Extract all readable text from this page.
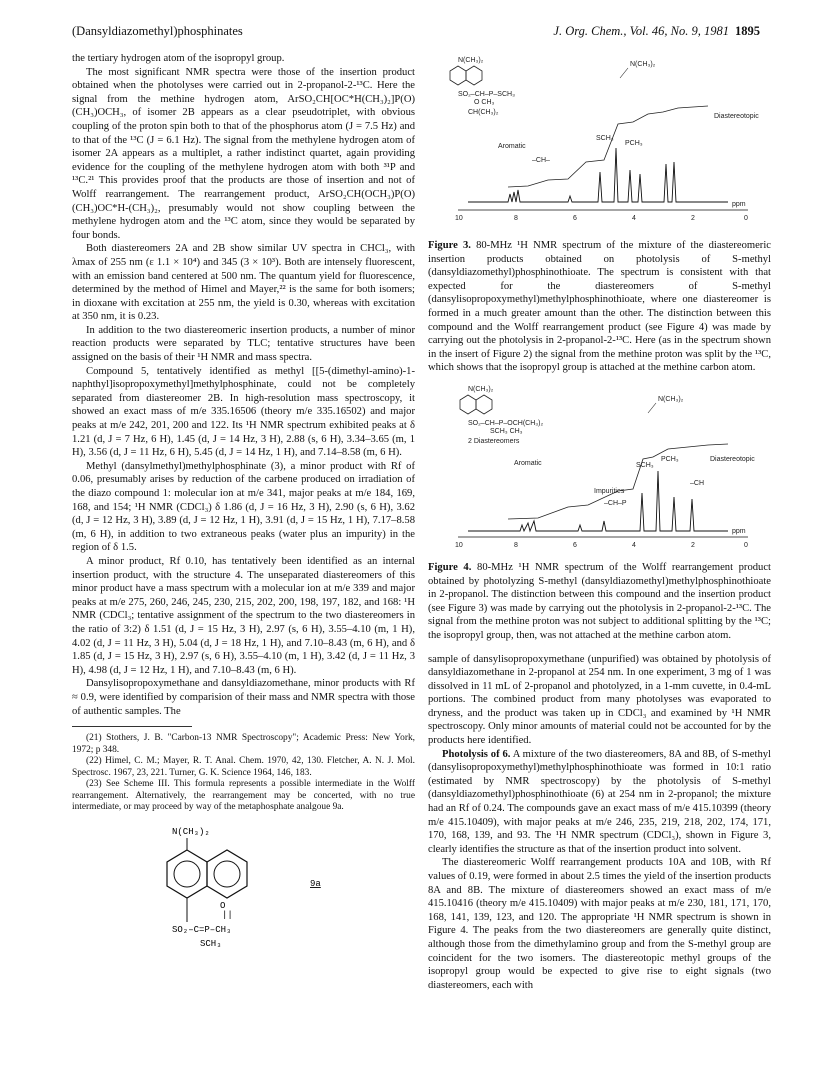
(Dansyldiazomethyl)phosphinates	J. Org. Chem., Vol. 46, No. 9, 1981 1895

the tertiary hydrogen atom of the isopropyl group.

The most significant NMR spectra were those of the insertion product obtained when the photolyses were carried out in 2-propanol-2-¹³C. Here the signal from the methine hydrogen atom, ArSO₂CH[OC*H(CH₃)₂]P(O)(CH₃)OCH₃, of isomer 2B appears as a clear pseudotriplet, with obvious coupling of the proton spin both to that of the phosphorus atom (J = 7.5 Hz) and to that of the ¹³C (J = 6.1 Hz). The signal from the methylene hydrogen atom of isomer 2A appears as a multiplet, a rather indistinct quartet, again providing evidence for the coupling of the methylene hydrogen atom with both ³¹P and ¹³C.²¹ This provides proof that the products are those of insertion and not of Wolff rearrangement. The rearrangement product, ArSO₂CH(OCH₃)P(O)(CH₃)OC*H-(CH₃)₂, presumably would not show coupling between the methylene hydrogen atom and the ¹³C atom, since they would be separated by four bonds.

Both diastereomers 2A and 2B show similar UV spectra in CHCl₃, with λmax of 255 nm (ε 1.1 × 10⁴) and 345 (3 × 10³). Both are intensely fluorescent, with an emission band centered at 500 nm. The quantum yield for fluorescence, determined by the method of Himel and Mayer,²² is the same for both isomers; in dioxane with excitation at 255 nm, the yield is 0.30, whereas with excitation at 350 nm, it is 0.23.

In addition to the two diastereomeric insertion products, a number of minor reaction products were separated by TLC; tentative structures have been assigned on the basis of their ¹H NMR and mass spectra.

Compound 5, tentatively identified as methyl [[5-(dimethyl-amino)-1-naphthyl]isopropoxymethyl]methylphosphinate, could not be completely separated from diastereomer 2B. In high-resolution mass spectroscopy, it showed an exact mass of m/e 335.16506 (theory m/e 335.16502) and major peaks at m/e 242, 201, 200 and 122. Its ¹H NMR spectrum exhibited peaks at δ 1.21 (d, J = 7 Hz, 6 H), 1.45 (d, J = 14 Hz, 3 H), 2.88 (s, 6 H), 3.34–3.65 (m, 1 H), 3.56 (d, J = 11 Hz, 6 H), 5.45 (d, J = 14 Hz, 1 H), and 7.14–8.58 (m, 6 H).

Methyl (dansylmethyl)methylphosphinate (3), a minor product with Rf of 0.06, presumably arises by reduction of the carbene produced on irradiation of the diazo compound 1: molecular ion at m/e 341, major peaks at m/e 184, 169, 168, and 154; ¹H NMR (CDCl₃) δ 1.86 (d, J = 16 Hz, 3 H), 2.90 (s, 6 H), 3.62 (d, J = 12 Hz, 3 H), 3.89 (d, J = 12 Hz, 1 H), 3.91 (d, J = 15 Hz, 1 H), 7.17–8.58 (m, 6 H), in addition to two extraneous peaks (water plus an impurity) in the region of δ 1.5.

A minor product, Rf 0.10, has tentatively been identified as an internal insertion product, with the structure 4. The unseparated diastereomers of this minor product have a mass spectrum with a molecular ion at m/e 339 and major peaks at m/e 275, 260, 246, 245, 230, 215, 202, 200, 198, 197, 182, and 168: ¹H NMR (CDCl₃; tentative assignment of the spectrum to the two diastereomers in the ratio of 3:2) δ 1.51 (d, J = 15 Hz, 3 H), 2.97 (s, 6 H), 3.55–4.10 (m, 1 H), 4.02 (d, J = 11 Hz, 3 H), 5.04 (d, J = 18 Hz, 1 H), and 7.10–8.43 (m, 6 H), and δ 1.85 (d, J = 15 Hz, 3 H), 2.97 (s, 6 H), 3.55–4.10 (m, 1 H), 3.42 (d, J = 11 Hz, 3 H), 4.98 (d, J = 12 Hz, 1 H), and 7.10–8.43 (m, 6 H).

Dansylisopropoxymethane and dansyldiazomethane, minor products with Rf ≈ 0.9, were identified by comparision of their mass and NMR spectra with those of authentic samples. The

(21) Stothers, J. B. "Carbon-13 NMR Spectroscopy"; Academic Press: New York, 1972; p 348.

(22) Himel, C. M.; Mayer, R. T. Anal. Chem. 1970, 42, 130. Fletcher, A. N. J. Mol. Spectrosc. 1967, 23, 221. Turner, G. K. Science 1964, 146, 183.

(23) See Scheme III. This formula represents a possible intermediate in the Wolff rearrangement. Alternatively, the rearrangement may be concerted, with no true intermediate, or may proceed by way of the metaphosphate analgoue 9a.

N(CH₃)₂
O
||
SO₂–C=P–CH₃
SCH₃
9a
N(CH₃)₂
SO₂–CH–P–SCH₃
O CH₃
CH(CH₃)₂
N(CH₃)₂
Aromatic
–CH–
SCH₃
PCH₃
Diastereotopic
10	8	6	4	2	0
ppm
Figure 3. 80-MHz ¹H NMR spectrum of the mixture of the diastereomeric insertion products obtained on photolysis of S-methyl (dansyldiazomethyl)phosphinothioate. The spectrum is consistent with that expected for the diastereomers of S-methyl (dansylisopropoxymethyl)methylphosphinothioate, where one diastereomer is formed in a much greater amount than the other. The distinction between this compound and the Wolff rearrangement product (see Figure 4) was made by carrying out the photolysis in 2-propanol-2-¹³C. Here (as in the spectrum shown in the insert of Figure 2) the signal from the methine proton was split by the ¹³C, which shows that the isopropyl group is attached at the methine carbon atom.
N(CH₃)₂
SO₂–CH–P–OCH(CH₃)₂
SCH₃ CH₃
2 Diastereomers
N(CH₃)₂
Aromatic
Impurities
–CH–P
SCH₃
PCH₃	Diastereotopic
–CH
10	8	6	4	2	0
ppm
Figure 4. 80-MHz ¹H NMR spectrum of the Wolff rearrangement product obtained by photolyzing S-methyl (dansyldiazomethyl)methylphosphinothioate in 2-propanol. The distinction between this compound and the insertion product (see Figure 3) was made by carrying out the photolysis in 2-propanol-2-¹³C. The signal from the methine proton was not subject to additional splitting by the ¹³C; the isopropyl group, then, was not attached at the methine carbon atom.

sample of dansylisopropoxymethane (unpurified) was obtained by photolysis of dansyldiazomethane in 2-propanol at 254 nm. In one experiment, 3 mg of 1 was dissolved in 11 mL of 2-propanol and photolyzed, in a 1-mm cuvette, in 0.4-mL portions. The combined product from many photolyses was evaporated to dryness, and the product was taken up in CDCl₃ and examined by ¹H NMR spectroscopy. Only minor amounts of material could not be accounted for by the products here identified.

Photolysis of 6. A mixture of the two diastereomers, 8A and 8B, of S-methyl (dansylisopropoxymethyl)methylphosphinothioate was formed in 10:1 ratio (estimated by NMR spectroscopy) by the photolysis of S-methyl (dansyldiazomethyl)phosphinothioate (6) at 254 nm in 2-propanol; the mixture had an Rf of 0.24. The compounds gave an exact mass of m/e 415.10399 (theory m/e 415.10409), with major peaks at m/e 246, 235, 219, 218, 202, 174, 171, 170, 168, 139, and 93. The ¹H NMR spectrum (CDCl₃), shown in Figure 3, clearly identifies the structure as that of the insertion product into solvent.

The diastereomeric Wolff rearrangement products 10A and 10B, with Rf values of 0.19, were formed in about 2.5 times the yield of the insertion products 8A and 8B. The mixture of diastereomers showed an exact mass of m/e 415.10416 (theory m/e 415.10409) with major peaks at m/e 230, 181, 171, 170, 168, 141, 139, 123, and 120. The appropriate ¹H NMR spectrum is shown in Figure 4. The peaks from the two diastereomers are generally quite distinct, although those from the dimethylamino group and from the S-methyl group are coincident for the two isomers. The diastereotopic methyl groups of the isopropyl group would be expected to give rise to eight signals (two diastereomers, each with
